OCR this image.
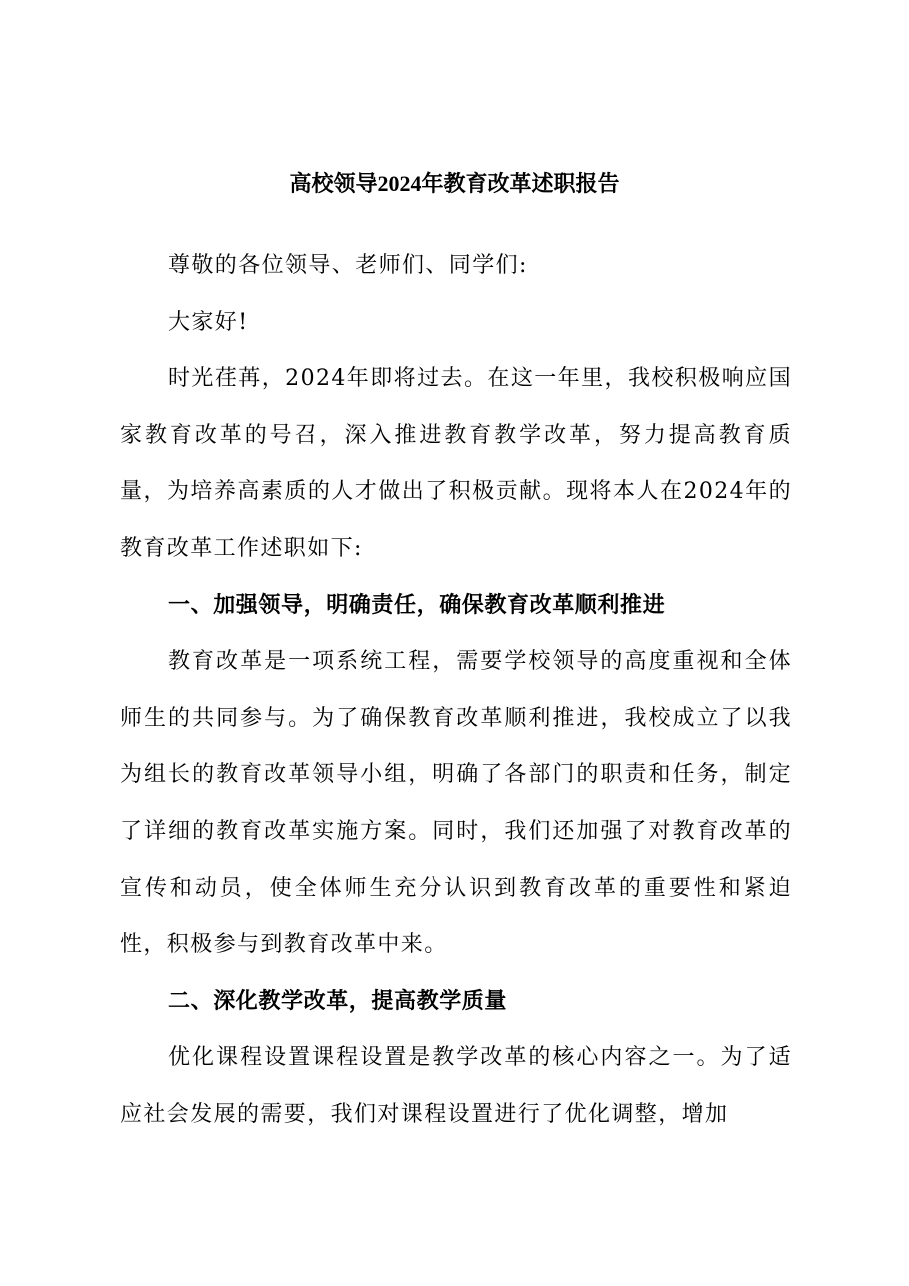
高校领导2024年教育改革述职报告

尊敬的各位领导、老师们、同学们:

大家好!

时光荏苒，2024年即将过去。在这一年里，我校积极响应国家教育改革的号召，深入推进教育教学改革，努力提高教育质量，为培养高素质的人才做出了积极贡献。现将本人在2024年的教育改革工作述职如下:

一、加强领导，明确责任，确保教育改革顺利推进

教育改革是一项系统工程，需要学校领导的高度重视和全体师生的共同参与。为了确保教育改革顺利推进，我校成立了以我为组长的教育改革领导小组，明确了各部门的职责和任务，制定了详细的教育改革实施方案。同时，我们还加强了对教育改革的宣传和动员，使全体师生充分认识到教育改革的重要性和紧迫性，积极参与到教育改革中来。

二、深化教学改革，提高教学质量

优化课程设置课程设置是教学改革的核心内容之一。为了适应社会发展的需要，我们对课程设置进行了优化调整，增加
